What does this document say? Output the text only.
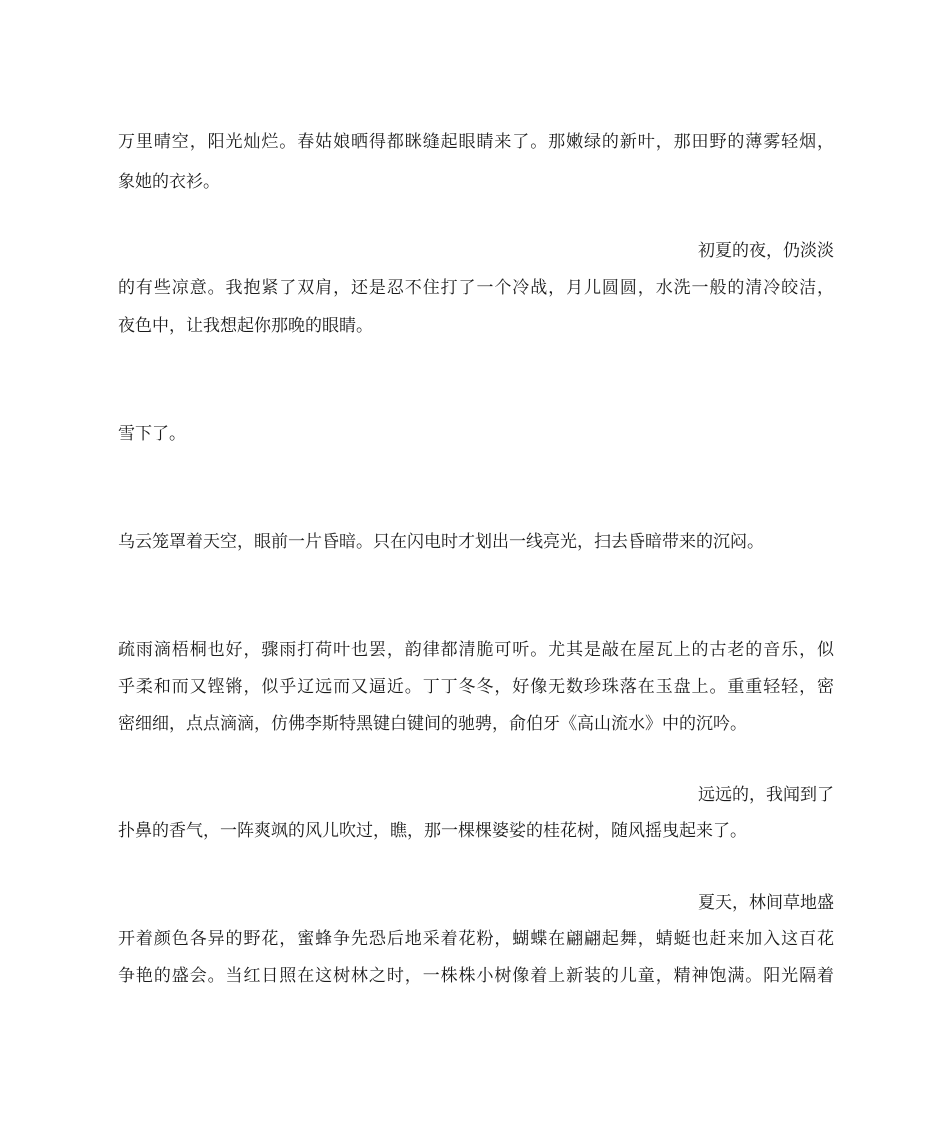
万里晴空，阳光灿烂。春姑娘晒得都眯缝起眼睛来了。那嫩绿的新叶，那田野的薄雾轻烟，
象她的衣衫。
初夏的夜，仍淡淡
的有些凉意。我抱紧了双肩，还是忍不住打了一个冷战，月儿圆圆，水洗一般的清冷皎洁，
夜色中，让我想起你那晚的眼睛。
雪下了。
乌云笼罩着天空，眼前一片昏暗。只在闪电时才划出一线亮光，扫去昏暗带来的沉闷。
疏雨滴梧桐也好，骤雨打荷叶也罢，韵律都清脆可听。尤其是敲在屋瓦上的古老的音乐，似
乎柔和而又铿锵，似乎辽远而又逼近。丁丁冬冬，好像无数珍珠落在玉盘上。重重轻轻，密
密细细，点点滴滴，仿佛李斯特黑键白键间的驰骋，俞伯牙《高山流水》中的沉吟。
远远的，我闻到了
扑鼻的香气，一阵爽飒的风儿吹过，瞧，那一棵棵婆娑的桂花树，随风摇曳起来了。
夏天，林间草地盛
开着颜色各异的野花，蜜蜂争先恐后地采着花粉，蝴蝶在翩翩起舞，蜻蜓也赶来加入这百花
争艳的盛会。当红日照在这树林之时，一株株小树像着上新装的儿童，精神饱满。阳光隔着
